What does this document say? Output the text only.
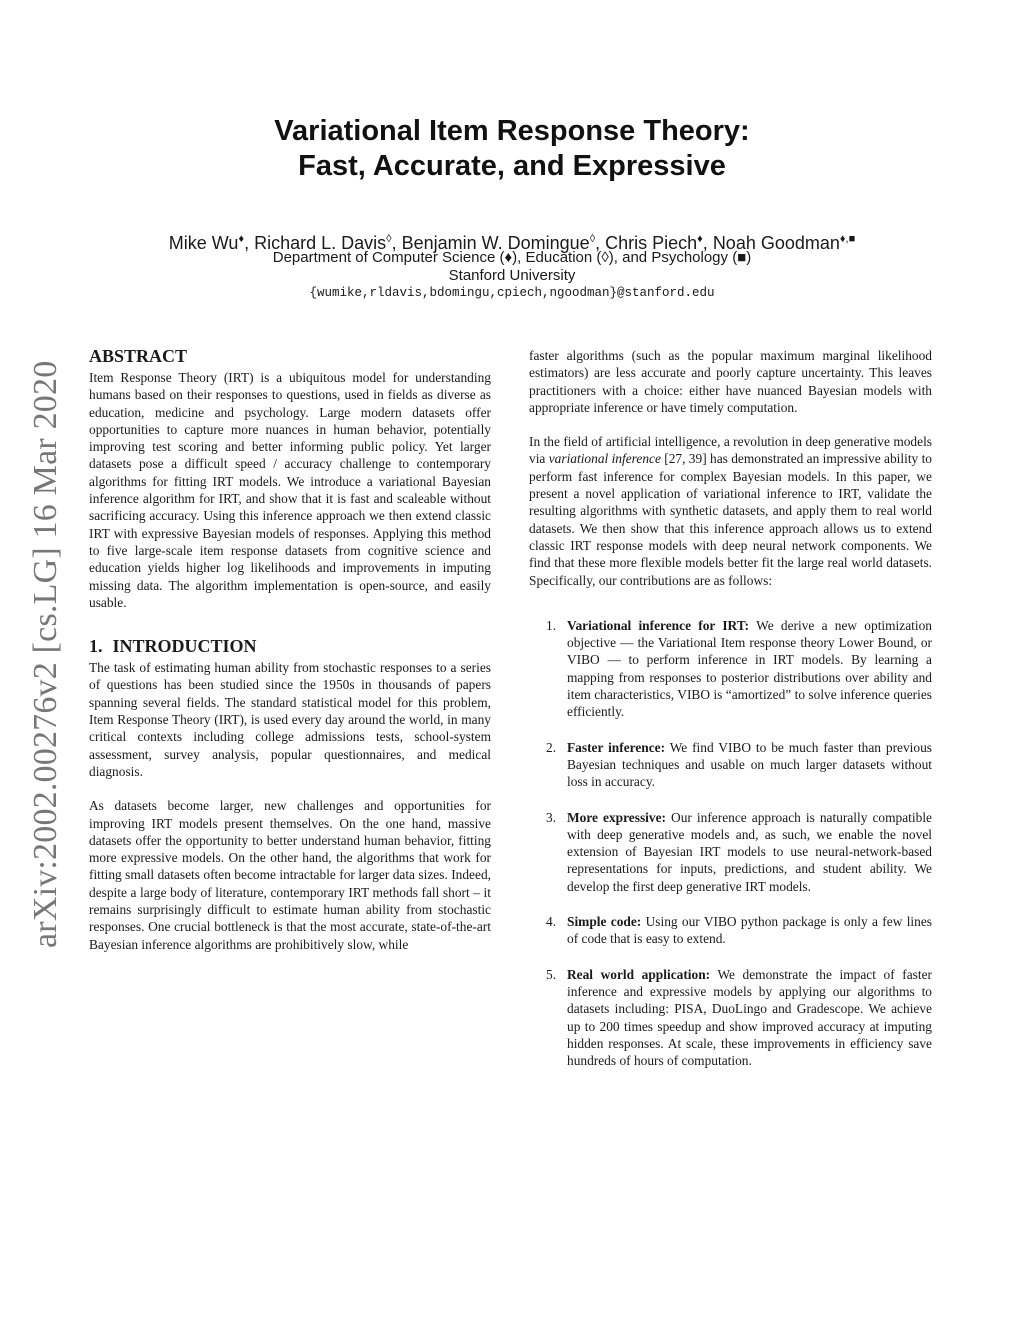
arXiv:2002.00276v2 [cs.LG] 16 Mar 2020
Variational Item Response Theory:
Fast, Accurate, and Expressive
Mike Wu♦, Richard L. Davis◊, Benjamin W. Domingue◊, Chris Piech♦, Noah Goodman♦,■
Department of Computer Science (♦), Education (◊), and Psychology (■)
Stanford University
{wumike,rldavis,bdomingu,cpiech,ngoodman}@stanford.edu
ABSTRACT

Item Response Theory (IRT) is a ubiquitous model for understanding humans based on their responses to questions, used in fields as diverse as education, medicine and psychology. Large modern datasets offer opportunities to capture more nuances in human behavior, potentially improving test scoring and better informing public policy. Yet larger datasets pose a difficult speed / accuracy challenge to contemporary algorithms for fitting IRT models. We introduce a variational Bayesian inference algorithm for IRT, and show that it is fast and scaleable without sacrificing accuracy. Using this inference approach we then extend classic IRT with expressive Bayesian models of responses. Applying this method to five large-scale item response datasets from cognitive science and education yields higher log likelihoods and improvements in imputing missing data. The algorithm implementation is open-source, and easily usable.

1. INTRODUCTION

The task of estimating human ability from stochastic responses to a series of questions has been studied since the 1950s in thousands of papers spanning several fields. The standard statistical model for this problem, Item Response Theory (IRT), is used every day around the world, in many critical contexts including college admissions tests, school-system assessment, survey analysis, popular questionnaires, and medical diagnosis.

As datasets become larger, new challenges and opportunities for improving IRT models present themselves. On the one hand, massive datasets offer the opportunity to better understand human behavior, fitting more expressive models. On the other hand, the algorithms that work for fitting small datasets often become intractable for larger data sizes. Indeed, despite a large body of literature, contemporary IRT methods fall short – it remains surprisingly difficult to estimate human ability from stochastic responses. One crucial bottleneck is that the most accurate, state-of-the-art Bayesian inference algorithms are prohibitively slow, while

faster algorithms (such as the popular maximum marginal likelihood estimators) are less accurate and poorly capture uncertainty. This leaves practitioners with a choice: either have nuanced Bayesian models with appropriate inference or have timely computation.

In the field of artificial intelligence, a revolution in deep generative models via variational inference [27, 39] has demonstrated an impressive ability to perform fast inference for complex Bayesian models. In this paper, we present a novel application of variational inference to IRT, validate the resulting algorithms with synthetic datasets, and apply them to real world datasets. We then show that this inference approach allows us to extend classic IRT response models with deep neural network components. We find that these more flexible models better fit the large real world datasets. Specifically, our contributions are as follows:

1. Variational inference for IRT: We derive a new optimization objective — the Variational Item response theory Lower Bound, or VIBO — to perform inference in IRT models. By learning a mapping from responses to posterior distributions over ability and item characteristics, VIBO is “amortized” to solve inference queries efficiently.
2. Faster inference: We find VIBO to be much faster than previous Bayesian techniques and usable on much larger datasets without loss in accuracy.
3. More expressive: Our inference approach is naturally compatible with deep generative models and, as such, we enable the novel extension of Bayesian IRT models to use neural-network-based representations for inputs, predictions, and student ability. We develop the first deep generative IRT models.
4. Simple code: Using our VIBO python package is only a few lines of code that is easy to extend.
5. Real world application: We demonstrate the impact of faster inference and expressive models by applying our algorithms to datasets including: PISA, DuoLingo and Gradescope. We achieve up to 200 times speedup and show improved accuracy at imputing hidden responses. At scale, these improvements in efficiency save hundreds of hours of computation.
